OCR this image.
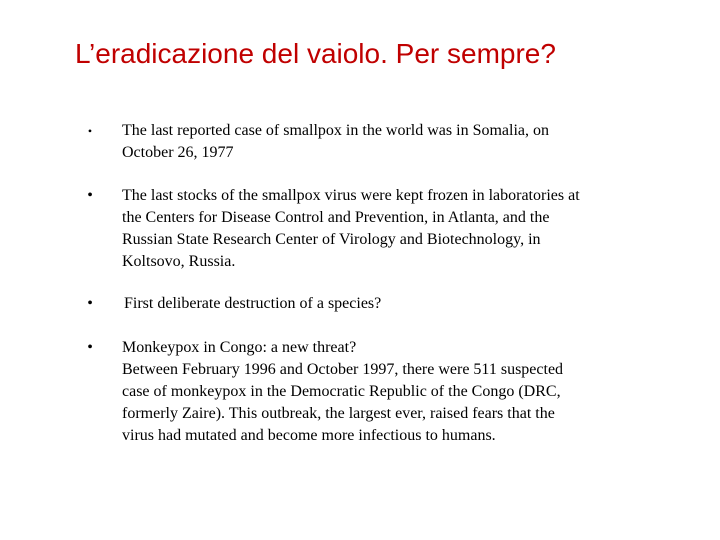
L’eradicazione del vaiolo. Per sempre?
•	The last reported case of smallpox in the world was in Somalia, on
October 26, 1977
•	The last stocks of the smallpox virus were kept frozen in laboratories at
the Centers for Disease Control and Prevention, in Atlanta, and the
Russian State Research Center of Virology and Biotechnology, in
Koltsovo, Russia.
•	First deliberate destruction of a species?
•	Monkeypox in Congo: a new threat?
Between February 1996 and October 1997, there were 511 suspected
case of monkeypox in the Democratic Republic of the Congo (DRC,
formerly Zaire). This outbreak, the largest ever, raised fears that the
virus had mutated and become more infectious to humans.
